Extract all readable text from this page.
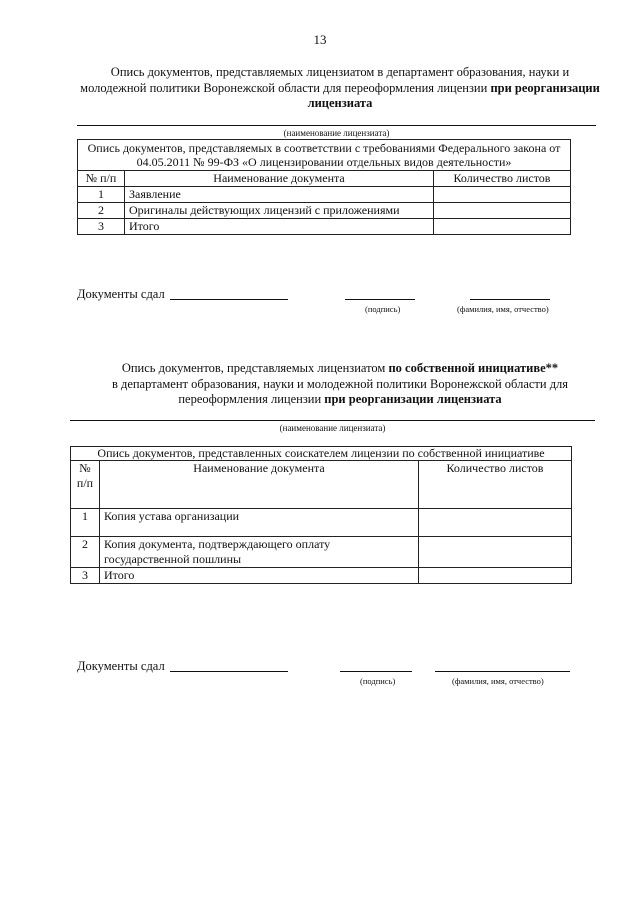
13
Опись документов, представляемых лицензиатом в департамент образования, науки и молодежной политики Воронежской области для переоформления лицензии при реорганизации лицензиата
(наименование лицензиата)
Опись документов, представляемых в соответствии с требованиями Федерального закона от 04.05.2011 № 99-ФЗ «О лицензировании отдельных видов деятельности»		
№ п/п	Наименование документа	Количество листов
1	Заявление	
2	Оригиналы действующих лицензий с приложениями	
3	Итого	
Документы сдал
(подпись)	(фамилия, имя, отчество)
Опись документов, представляемых лицензиатом по собственной инициативе**
в департамент образования, науки и молодежной политики Воронежской области для
переоформления лицензии при реорганизации лицензиата
(наименование лицензиата)
Опись документов, представленных соискателем лицензии по собственной инициативе		
№ п/п	Наименование документа	Количество листов
1	Копия устава организации	
2	Копия документа, подтверждающего оплату государственной пошлины	
3	Итого	
Документы сдал
(подпись)	(фамилия, имя, отчество)
